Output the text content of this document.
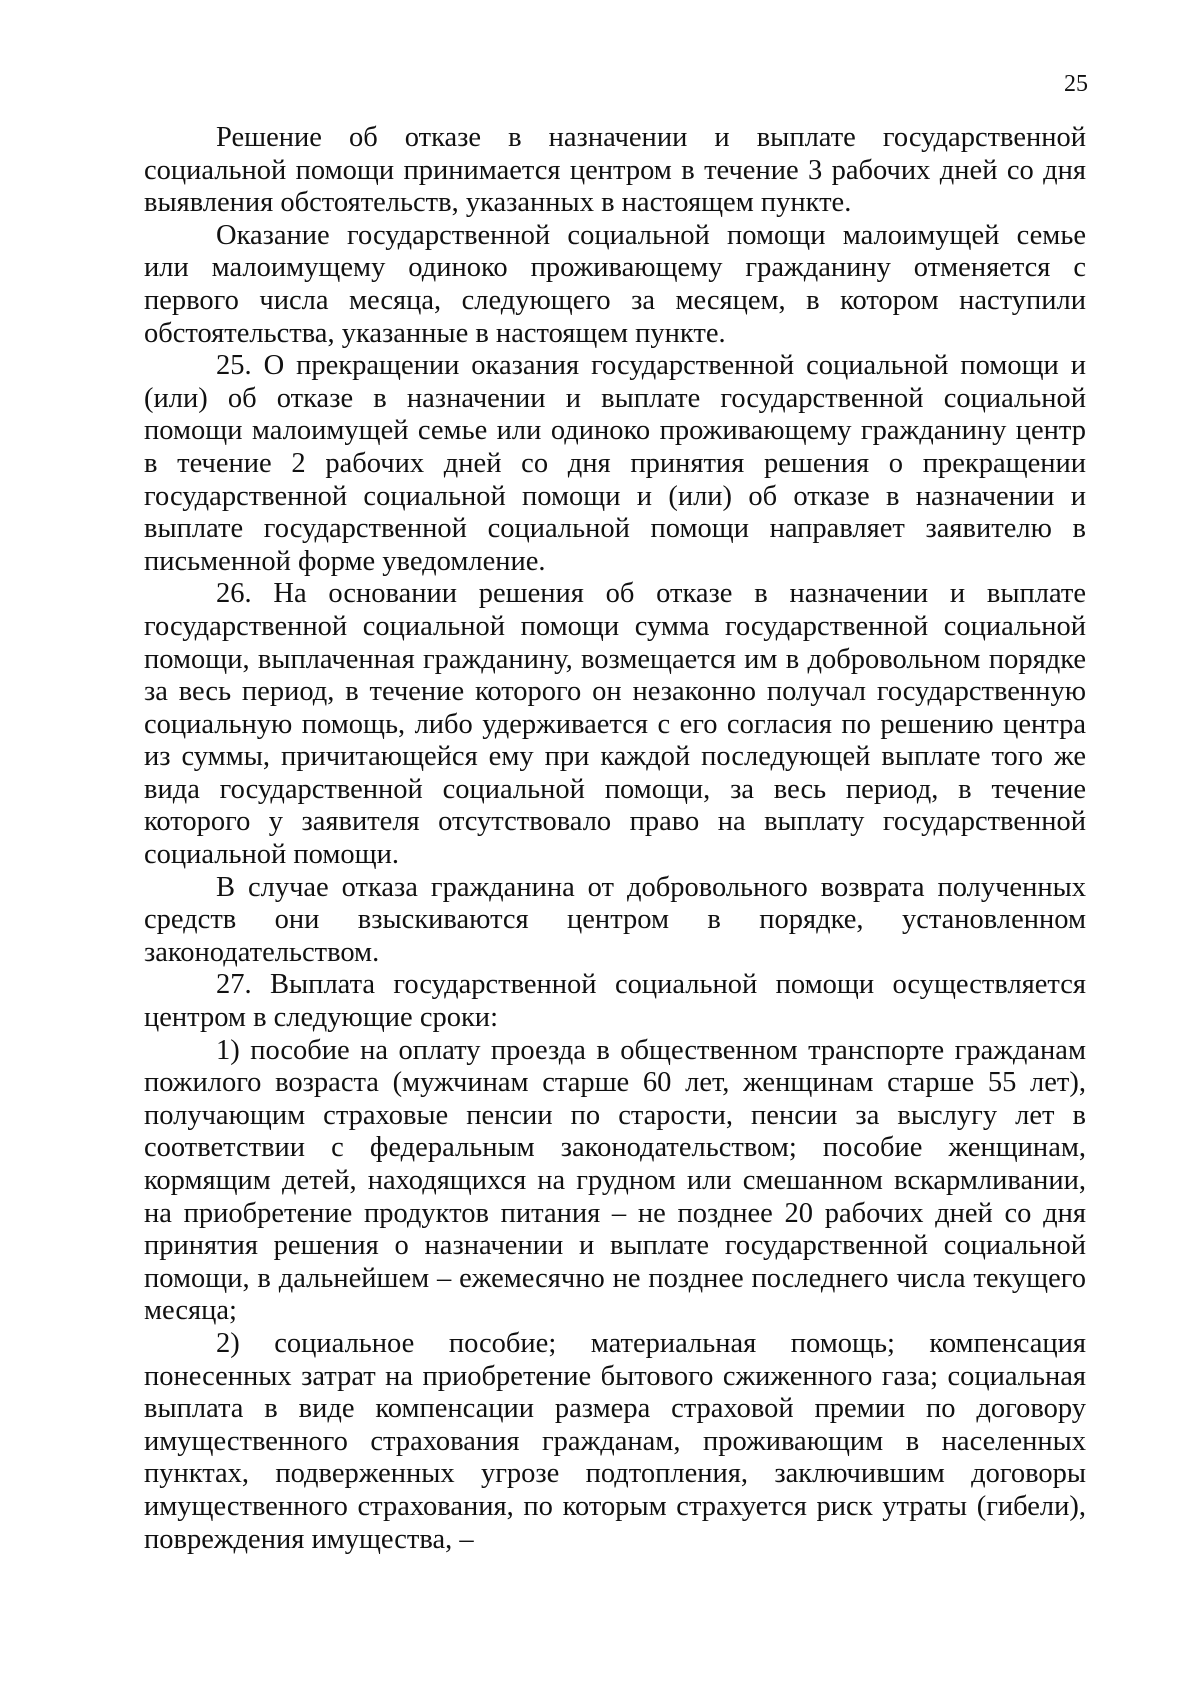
25

Решение об отказе в назначении и выплате государственной социальной помощи принимается центром в течение 3 рабочих дней со дня выявления обстоятельств, указанных в настоящем пункте.

Оказание государственной социальной помощи малоимущей семье или малоимущему одиноко проживающему гражданину отменяется с первого числа месяца, следующего за месяцем, в котором наступили обстоятельства, указанные в настоящем пункте.

25. О прекращении оказания государственной социальной помощи и (или) об отказе в назначении и выплате государственной социальной помощи малоимущей семье или одиноко проживающему гражданину центр в течение 2 рабочих дней со дня принятия решения о прекращении государственной социальной помощи и (или) об отказе в назначении и выплате государственной социальной помощи направляет заявителю в письменной форме уведомление.

26. На основании решения об отказе в назначении и выплате государственной социальной помощи сумма государственной социальной помощи, выплаченная гражданину, возмещается им в добровольном порядке за весь период, в течение которого он незаконно получал государственную социальную помощь, либо удерживается с его согласия по решению центра из суммы, причитающейся ему при каждой последующей выплате того же вида государственной социальной помощи, за весь период, в течение которого у заявителя отсутствовало право на выплату государственной социальной помощи.

В случае отказа гражданина от добровольного возврата полученных средств они взыскиваются центром в порядке, установленном законодательством.

27. Выплата государственной социальной помощи осуществляется центром в следующие сроки:

1) пособие на оплату проезда в общественном транспорте гражданам пожилого возраста (мужчинам старше 60 лет, женщинам старше 55 лет), получающим страховые пенсии по старости, пенсии за выслугу лет в соответствии с федеральным законодательством; пособие женщинам, кормящим детей, находящихся на грудном или смешанном вскармливании, на приобретение продуктов питания – не позднее 20 рабочих дней со дня принятия решения о назначении и выплате государственной социальной помощи, в дальнейшем – ежемесячно не позднее последнего числа текущего месяца;

2) социальное пособие; материальная помощь; компенсация понесенных затрат на приобретение бытового сжиженного газа; социальная выплата в виде компенсации размера страховой премии по договору имущественного страхования гражданам, проживающим в населенных пунктах, подверженных угрозе подтопления, заключившим договоры имущественного страхования, по которым страхуется риск утраты (гибели), повреждения имущества, –
